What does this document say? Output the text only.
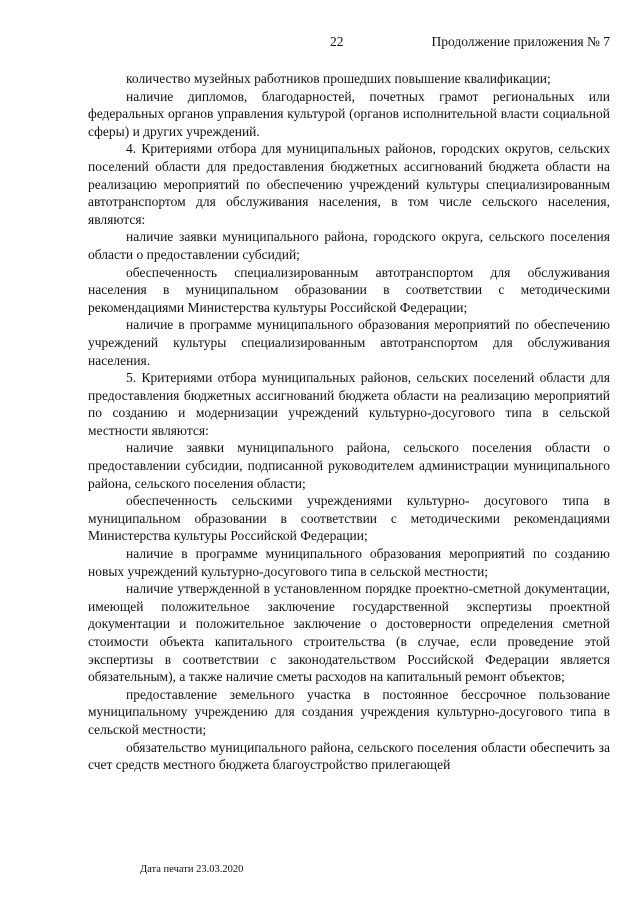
22	Продолжение приложения № 7

количество музейных работников прошедших повышение квалификации;

наличие дипломов, благодарностей, почетных грамот региональных или федеральных органов управления культурой (органов исполнительной власти социальной сферы) и других учреждений.

4. Критериями отбора для муниципальных районов, городских округов, сельских поселений области для предоставления бюджетных ассигнований бюджета области на реализацию мероприятий по обеспечению учреждений культуры специализированным автотранспортом для обслуживания населения, в том числе сельского населения, являются:

наличие заявки муниципального района, городского округа, сельского поселения области о предоставлении субсидий;

обеспеченность специализированным автотранспортом для обслуживания населения в муниципальном образовании в соответствии с методическими рекомендациями Министерства культуры Российской Федерации;

наличие в программе муниципального образования мероприятий по обеспечению учреждений культуры специализированным автотранспортом для обслуживания населения.

5. Критериями отбора муниципальных районов, сельских поселений области для предоставления бюджетных ассигнований бюджета области на реализацию мероприятий по созданию и модернизации учреждений культурно-досугового типа в сельской местности являются:

наличие заявки муниципального района, сельского поселения области о предоставлении субсидии, подписанной руководителем администрации муниципального района, сельского поселения области;

обеспеченность сельскими учреждениями культурно- досугового типа в муниципальном образовании в соответствии с методическими рекомендациями Министерства культуры Российской Федерации;

наличие в программе муниципального образования мероприятий по созданию новых учреждений культурно-досугового типа в сельской местности;

наличие утвержденной в установленном порядке проектно-сметной документации, имеющей положительное заключение государственной экспертизы проектной документации и положительное заключение о достоверности определения сметной стоимости объекта капитального строительства (в случае, если проведение этой экспертизы в соответствии с законодательством Российской Федерации является обязательным), а также наличие сметы расходов на капитальный ремонт объектов;

предоставление земельного участка в постоянное бессрочное пользование муниципальному учреждению для создания учреждения культурно-досугового типа в сельской местности;

обязательство муниципального района, сельского поселения области обеспечить за счет средств местного бюджета благоустройство прилегающей

Дата печати 23.03.2020
